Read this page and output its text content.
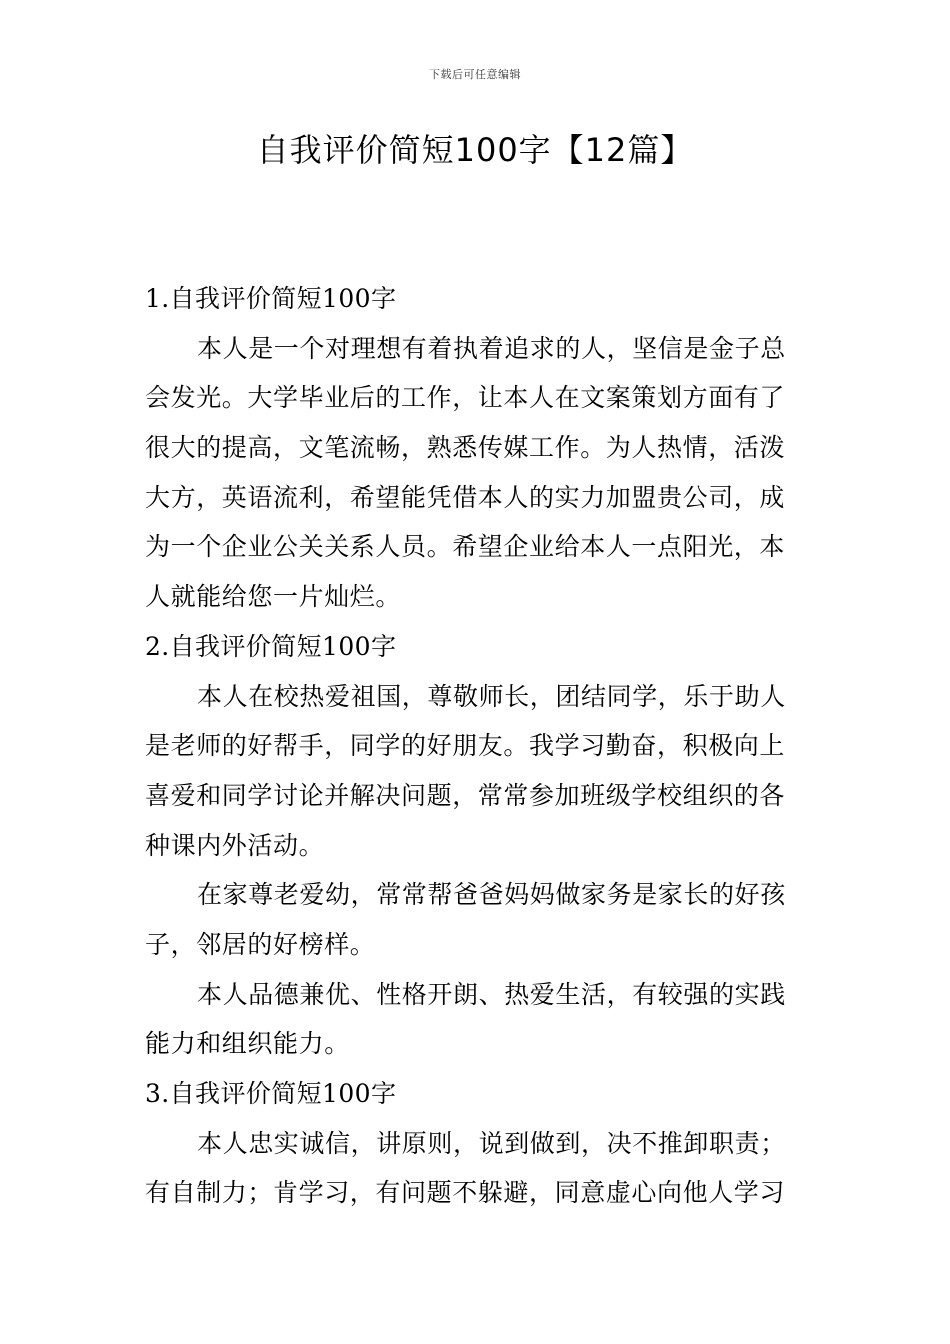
下载后可任意编辑
自我评价简短100字【12篇】
1.自我评价简短100字
本人是一个对理想有着执着追求的人，坚信是金子总
会发光。大学毕业后的工作，让本人在文案策划方面有了
很大的提高，文笔流畅，熟悉传媒工作。为人热情，活泼
大方，英语流利，希望能凭借本人的实力加盟贵公司，成
为一个企业公关关系人员。希望企业给本人一点阳光，本
人就能给您一片灿烂。
2.自我评价简短100字
本人在校热爱祖国，尊敬师长，团结同学，乐于助人
是老师的好帮手，同学的好朋友。我学习勤奋，积极向上
喜爱和同学讨论并解决问题，常常参加班级学校组织的各
种课内外活动。
在家尊老爱幼，常常帮爸爸妈妈做家务是家长的好孩
子，邻居的好榜样。
本人品德兼优、性格开朗、热爱生活，有较强的实践
能力和组织能力。
3.自我评价简短100字
本人忠实诚信，讲原则，说到做到，决不推卸职责；
有自制力；肯学习，有问题不躲避，同意虚心向他人学习
